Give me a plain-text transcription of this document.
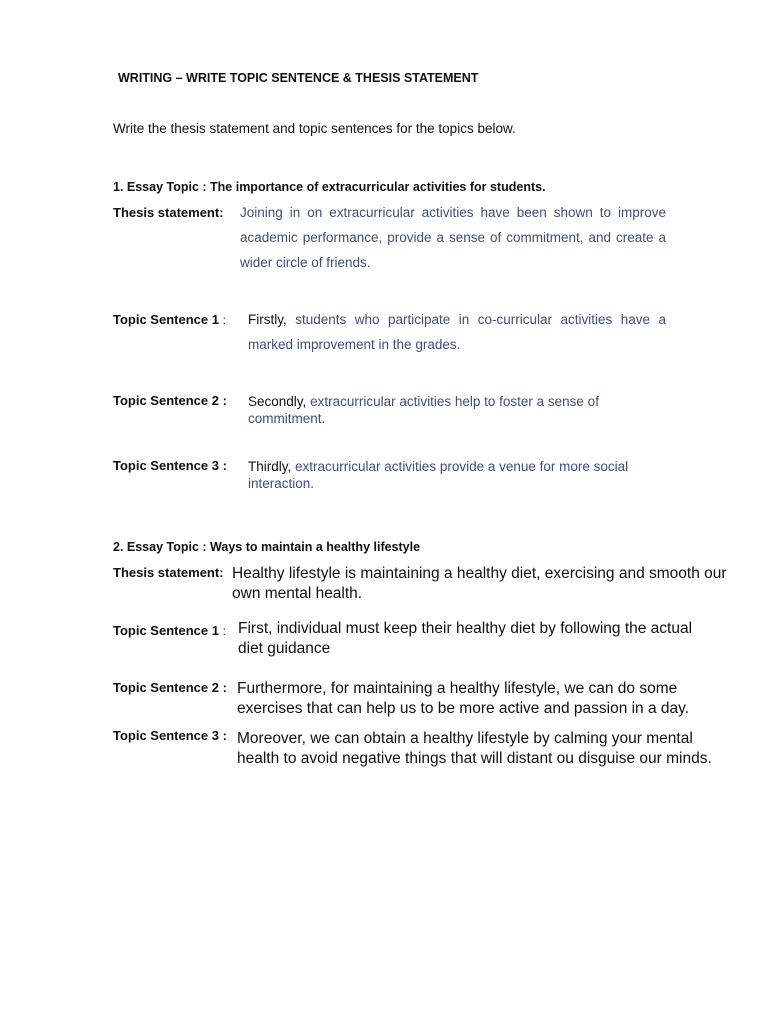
WRITING – WRITE TOPIC SENTENCE & THESIS STATEMENT
Write the thesis statement and topic sentences for the topics below.
1. Essay Topic : The importance of extracurricular activities for students.
Thesis statement: Joining in on extracurricular activities have been shown to improve academic performance, provide a sense of commitment, and create a wider circle of friends.
Topic Sentence 1 : Firstly, students who participate in co-curricular activities have a marked improvement in the grades.
Topic Sentence 2 : Secondly, extracurricular activities help to foster a sense of commitment.
Topic Sentence 3 : Thirdly, extracurricular activities provide a venue for more social interaction.
2. Essay Topic : Ways to maintain a healthy lifestyle
Thesis statement: Healthy lifestyle is maintaining a healthy diet, exercising and smooth our own mental health.
Topic Sentence 1 : First, individual must keep their healthy diet by following the actual diet guidance
Topic Sentence 2 : Furthermore, for maintaining a healthy lifestyle, we can do some exercises that can help us to be more active and passion in a day.
Topic Sentence 3 : Moreover, we can obtain a healthy lifestyle by calming your mental health to avoid negative things that will distant ou disguise our minds.
